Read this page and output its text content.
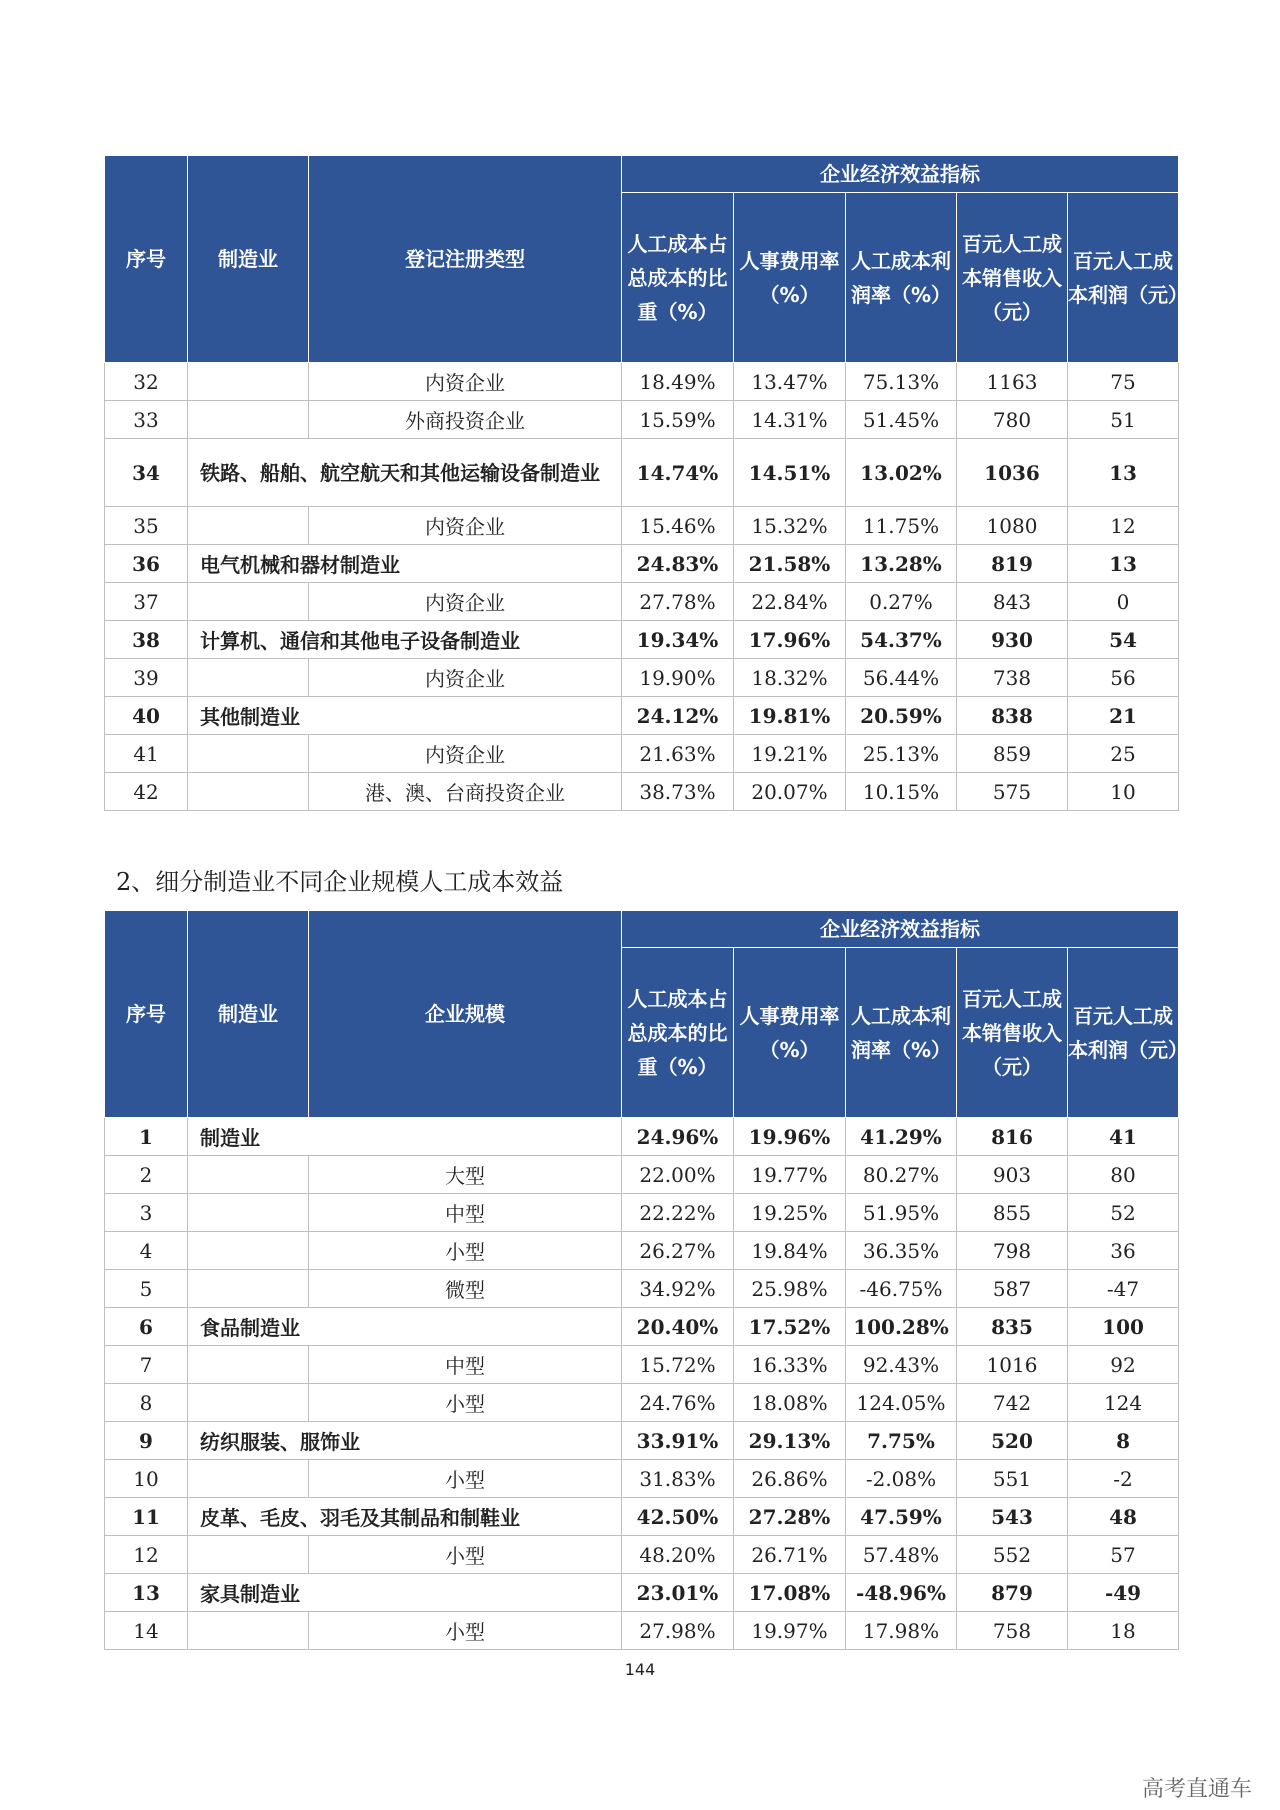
序号	制造业	登记注册类型	企业经济效益指标				
			人工成本占总成本的比重（%）	人事费用率（%）	人工成本利润率（%）	百元人工成本销售收入（元）	百元人工成本利润（元）
32		内资企业	18.49%	13.47%	75.13%	1163	75
33		外商投资企业	15.59%	14.31%	51.45%	780	51
34	铁路、船舶、航空航天和其他运输设备制造业		14.74%	14.51%	13.02%	1036	13
35		内资企业	15.46%	15.32%	11.75%	1080	12
36	电气机械和器材制造业		24.83%	21.58%	13.28%	819	13
37		内资企业	27.78%	22.84%	0.27%	843	0
38	计算机、通信和其他电子设备制造业		19.34%	17.96%	54.37%	930	54
39		内资企业	19.90%	18.32%	56.44%	738	56
40	其他制造业		24.12%	19.81%	20.59%	838	21
41		内资企业	21.63%	19.21%	25.13%	859	25
42		港、澳、台商投资企业	38.73%	20.07%	10.15%	575	10
2、细分制造业不同企业规模人工成本效益
序号	制造业	企业规模	企业经济效益指标				
			人工成本占总成本的比重（%）	人事费用率（%）	人工成本利润率（%）	百元人工成本销售收入（元）	百元人工成本利润（元）
1	制造业		24.96%	19.96%	41.29%	816	41
2		大型	22.00%	19.77%	80.27%	903	80
3		中型	22.22%	19.25%	51.95%	855	52
4		小型	26.27%	19.84%	36.35%	798	36
5		微型	34.92%	25.98%	-46.75%	587	-47
6	食品制造业		20.40%	17.52%	100.28%	835	100
7		中型	15.72%	16.33%	92.43%	1016	92
8		小型	24.76%	18.08%	124.05%	742	124
9	纺织服装、服饰业		33.91%	29.13%	7.75%	520	8
10		小型	31.83%	26.86%	-2.08%	551	-2
11	皮革、毛皮、羽毛及其制品和制鞋业		42.50%	27.28%	47.59%	543	48
12		小型	48.20%	26.71%	57.48%	552	57
13	家具制造业		23.01%	17.08%	-48.96%	879	-49
14		小型	27.98%	19.97%	17.98%	758	18
144
高考直通车
